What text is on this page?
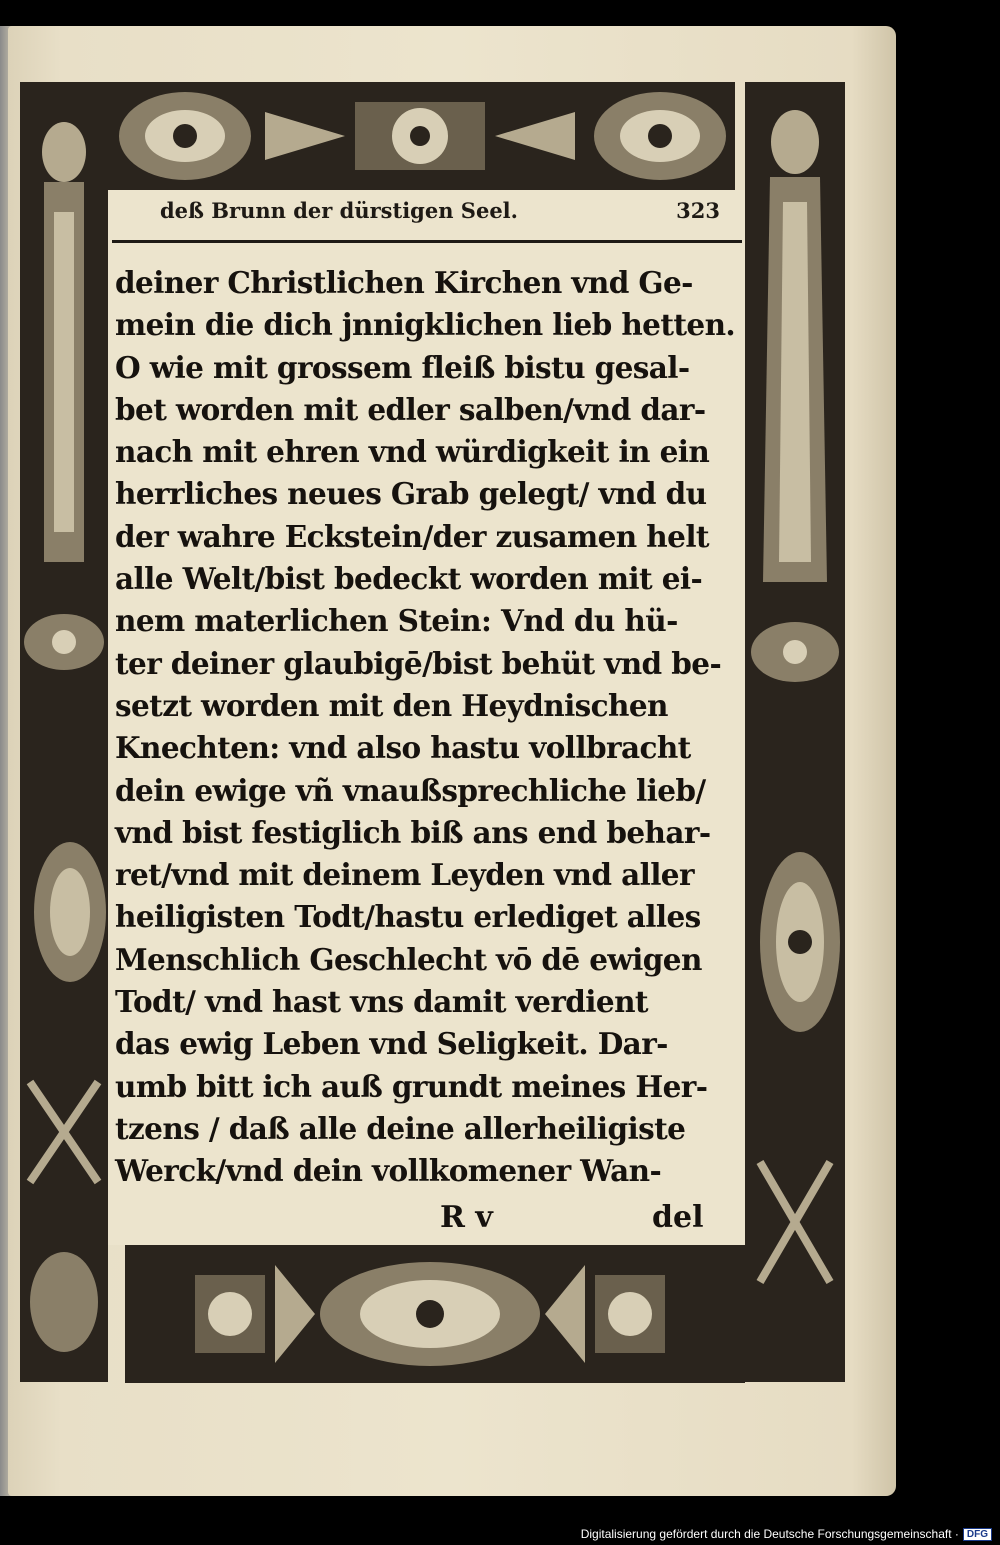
deß Brunn der dürstigen Seel.	323
deiner Christlichen Kirchen vnd Ge-
mein die dich jnnigklichen lieb hetten.
O wie mit grossem fleiß bistu gesal-
bet worden mit edler salben/vnd dar-
nach mit ehren vnd würdigkeit in ein
herrliches neues Grab gelegt/ vnd du
der wahre Eckstein/der zusamen helt
alle Welt/bist bedeckt worden mit ei-
nem materlichen Stein: Vnd du hü-
ter deiner glaubigē/bist behüt vnd be-
setzt worden mit den Heydnischen
Knechten: vnd also hastu vollbracht
dein ewige vñ vnaußsprechliche lieb/
vnd bist festiglich biß ans end behar-
ret/vnd mit deinem Leyden vnd aller
heiligisten Todt/hastu erlediget alles
Menschlich Geschlecht vō dē ewigen
Todt/ vnd hast vns damit verdient
das ewig Leben vnd Seligkeit. Dar-
umb bitt ich auß grundt meines Her-
tzens / daß alle deine allerheiligiste
Werck/vnd dein vollkomener Wan-
R v	del
Digitalisierung gefördert durch die Deutsche Forschungsgemeinschaft · DFG
